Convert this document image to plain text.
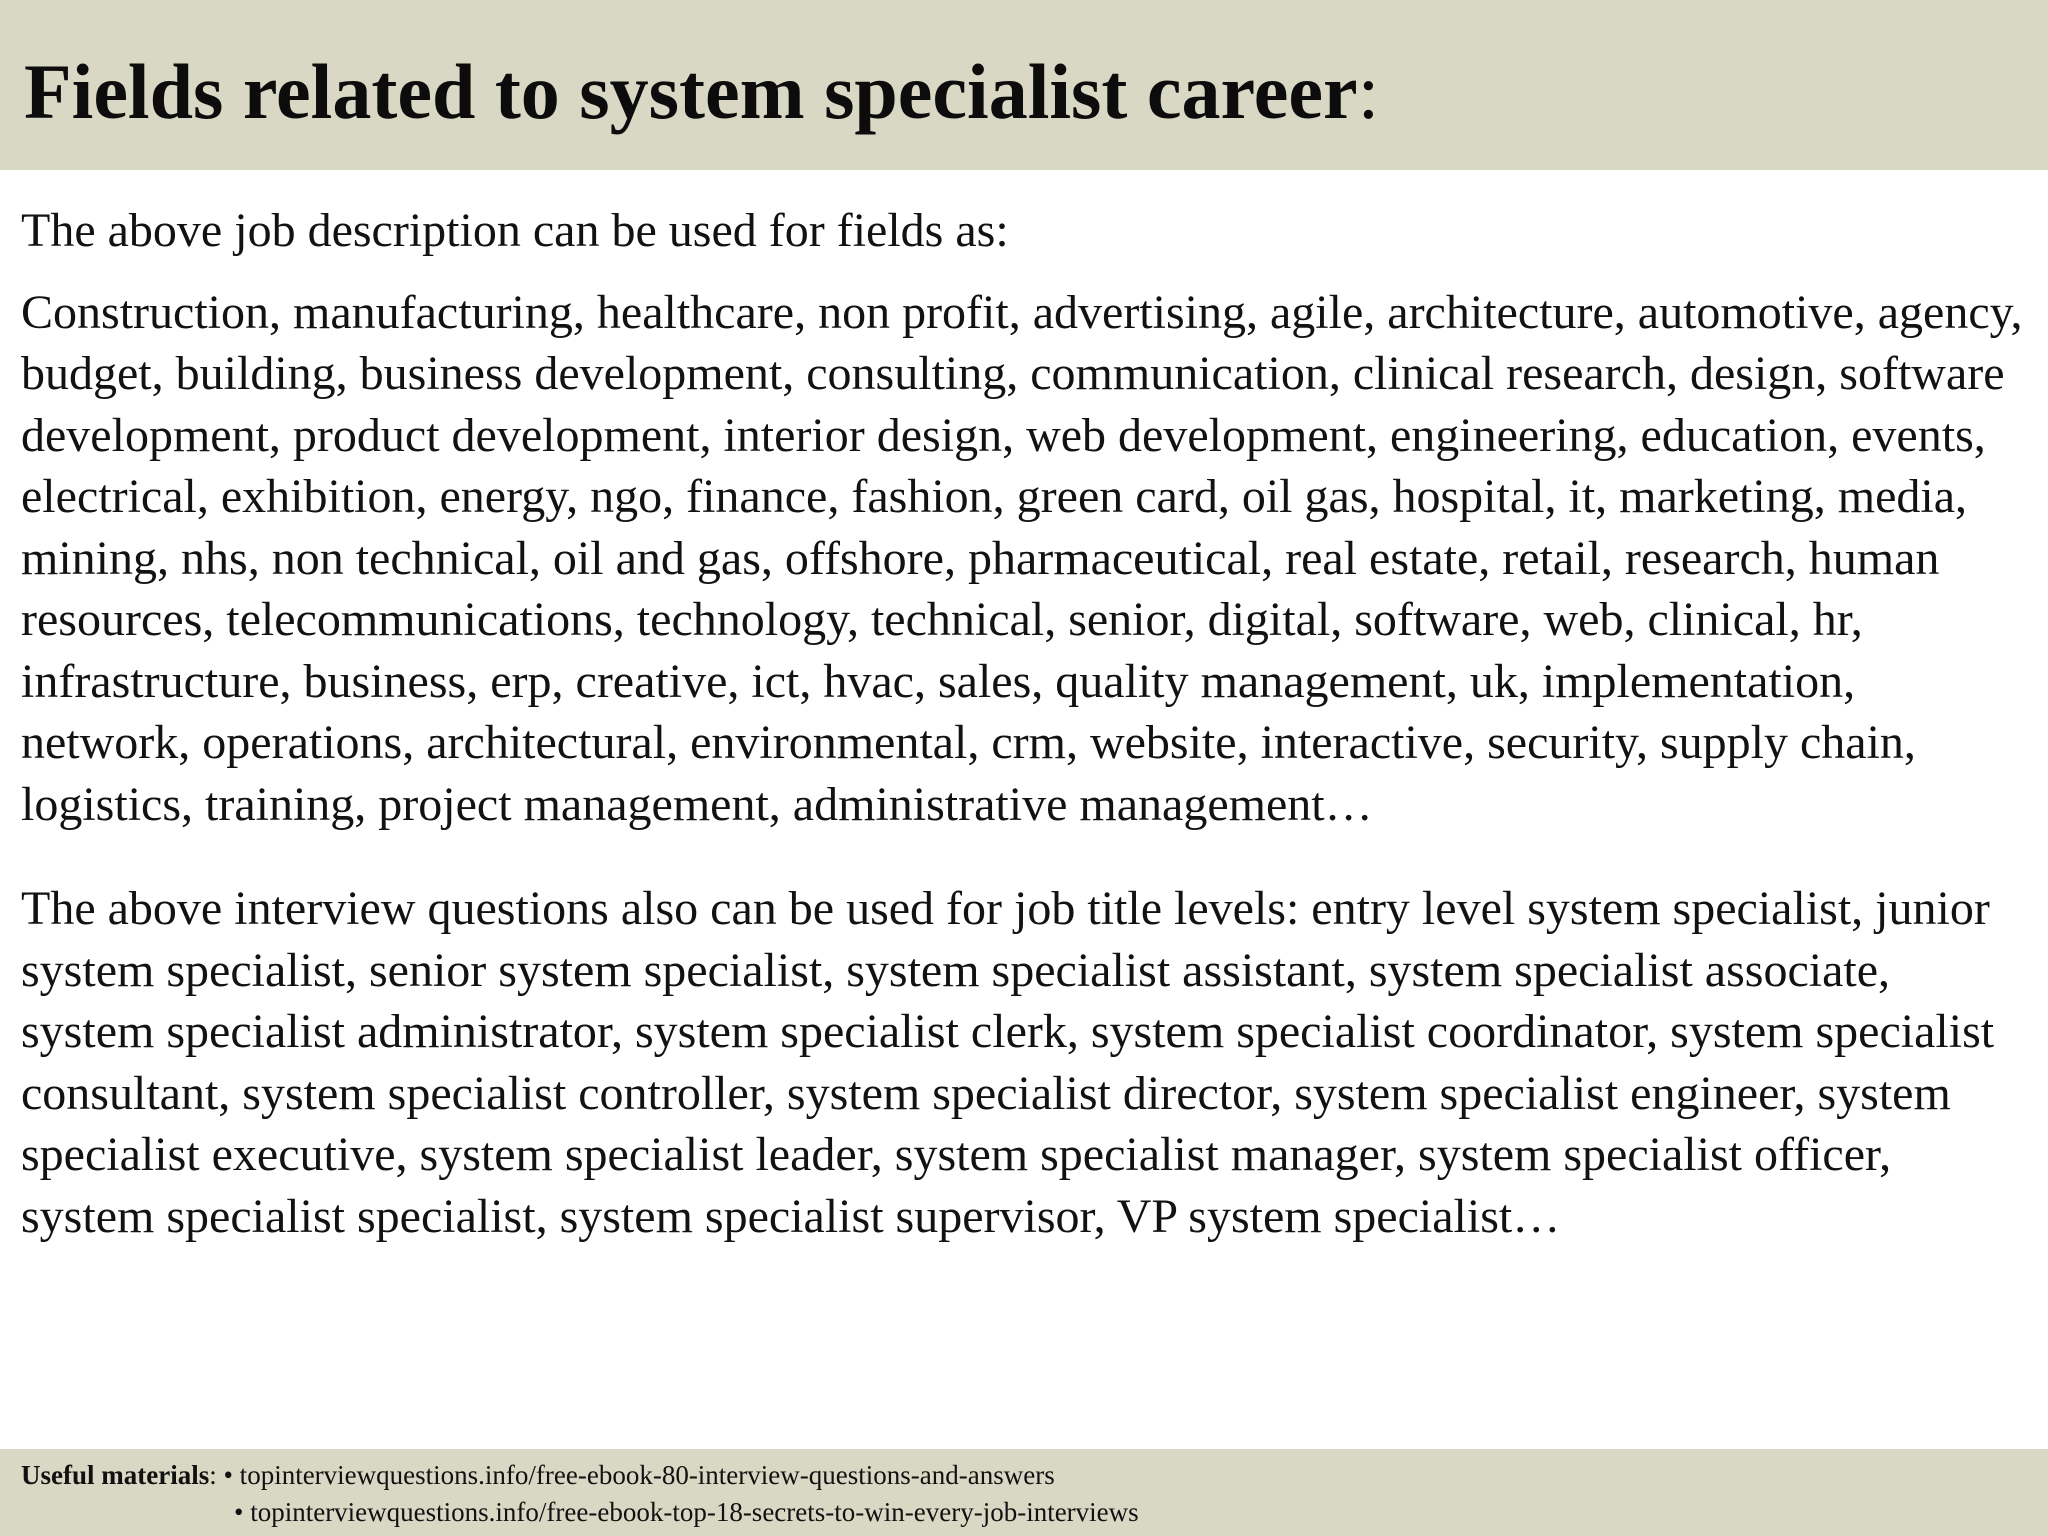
Fields related to system specialist career:

The above job description can be used for fields as:

Construction, manufacturing, healthcare, non profit, advertising, agile, architecture, automotive, agency, budget, building, business development, consulting, communication, clinical research, design, software development, product development, interior design, web development, engineering, education, events, electrical, exhibition, energy, ngo, finance, fashion, green card, oil gas, hospital, it, marketing, media, mining, nhs, non technical, oil and gas, offshore, pharmaceutical, real estate, retail, research, human resources, telecommunications, technology, technical, senior, digital, software, web, clinical, hr, infrastructure, business, erp, creative, ict, hvac, sales, quality management, uk, implementation, network, operations, architectural, environmental, crm, website, interactive, security, supply chain, logistics, training, project management, administrative management…

The above interview questions also can be used for job title levels: entry level system specialist, junior system specialist, senior system specialist, system specialist assistant, system specialist associate, system specialist administrator, system specialist clerk, system specialist coordinator, system specialist consultant, system specialist controller, system specialist director, system specialist engineer, system specialist executive, system specialist leader, system specialist manager, system specialist officer, system specialist specialist, system specialist supervisor, VP system specialist…

Useful materials: • topinterviewquestions.info/free-ebook-80-interview-questions-and-answers
• topinterviewquestions.info/free-ebook-top-18-secrets-to-win-every-job-interviews
